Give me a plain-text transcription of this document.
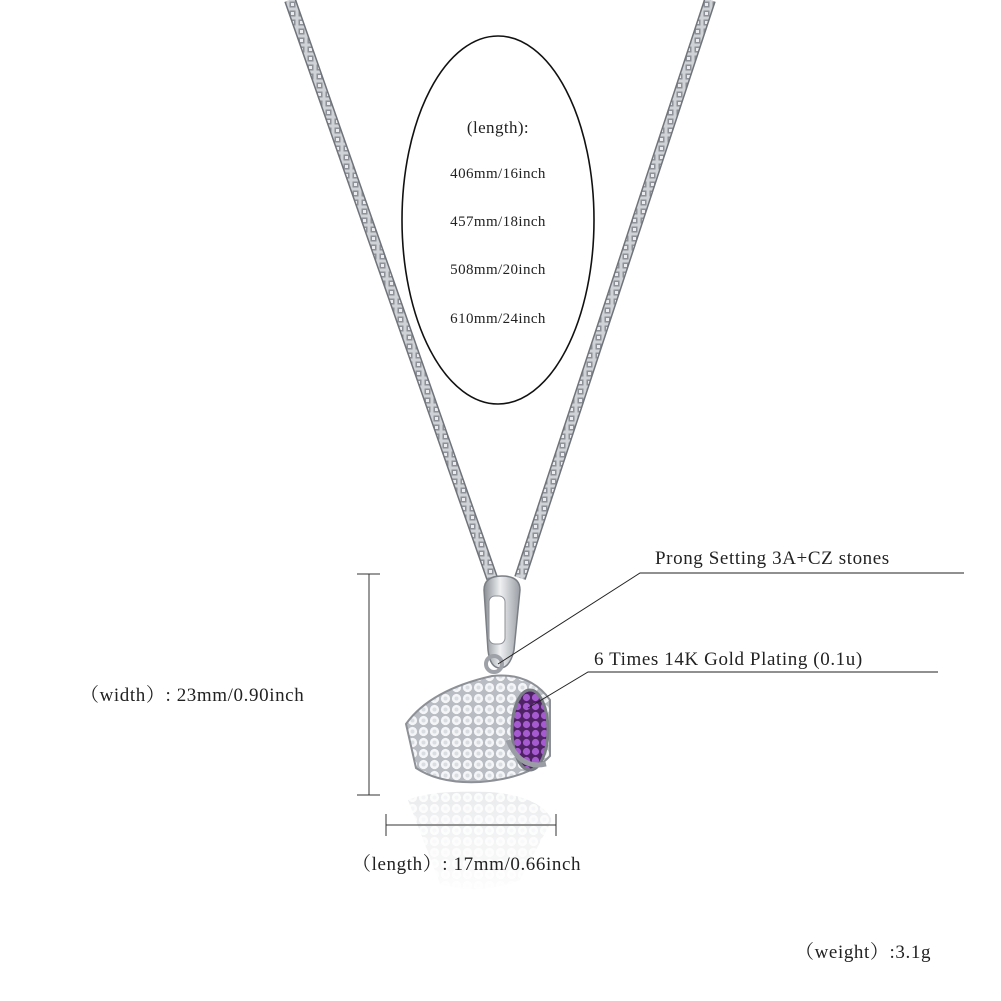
(length):
406mm/16inch
457mm/18inch
508mm/20inch
610mm/24inch
Prong Setting 3A+CZ stones
6 Times 14K Gold Plating (0.1u)
（width）: 23mm/0.90inch
（length）: 17mm/0.66inch
（weight）:3.1g
